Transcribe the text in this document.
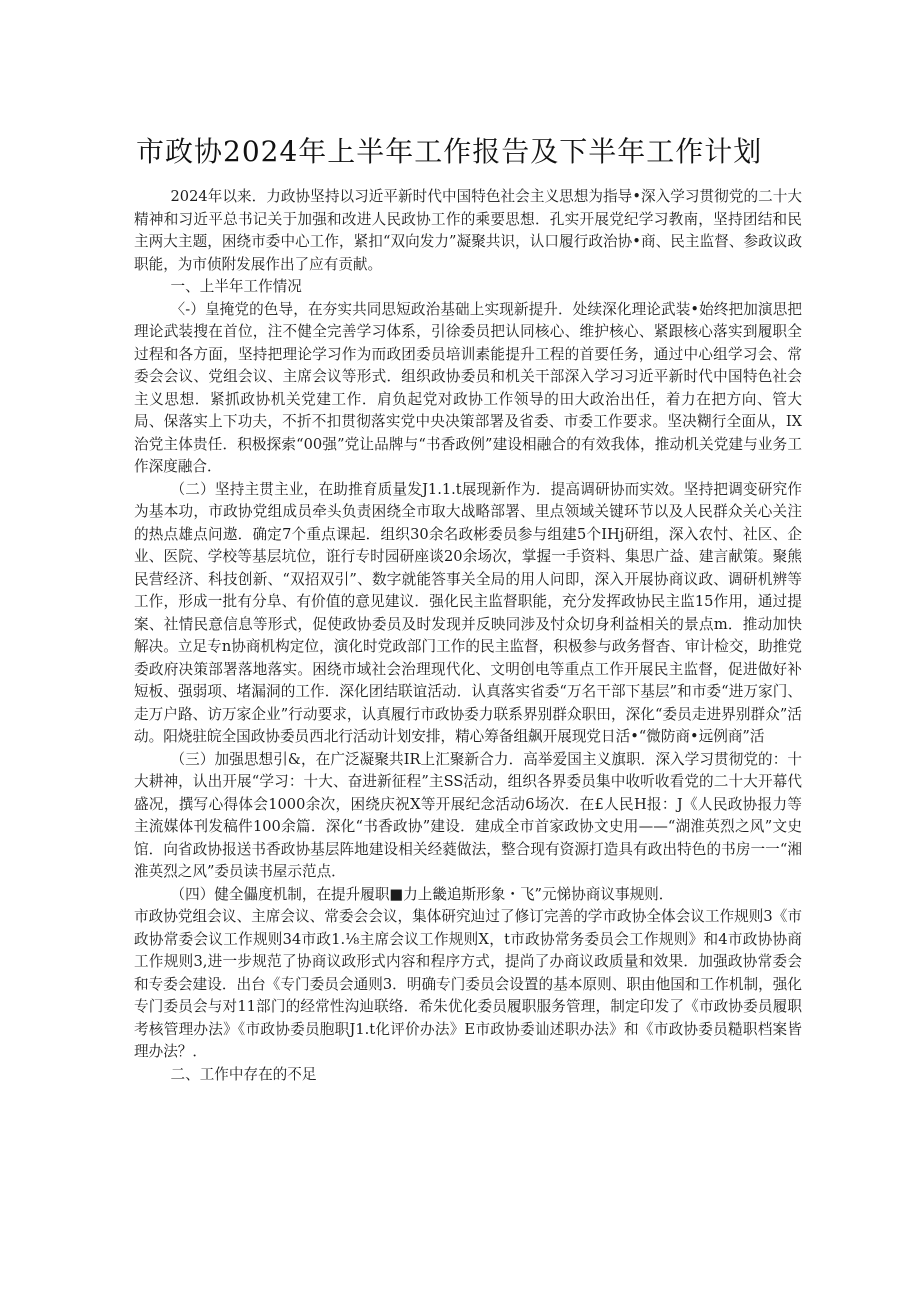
市政协2024年上半年工作报告及下半年工作计划

2024年以来．力政协坚持以习近平新时代中国特色社会主义思想为指导•深入学习贯彻党的二十大精神和习近平总书记关于加强和改进人民政协工作的乘要思想．孔实开展党纪学习教南，坚持团结和民主两大主题，困绕市委中心工作，紧扣“双向发力”凝聚共识，认口履行政治协•商、民主监督、参政议政职能，为市侦附发展作出了应有贡献。

一、上半年工作情况

〈-）皇掩党的色导，在夯实共同思短政治基础上实现新提升．处续深化理论武装•始终把加演思把理论武装搜在首位，注不健全完善学习体系，引徐委员把认同核心、维护核心、紧跟核心落实到履职全过程和各方面，坚持把理论学习作为而政团委员培训素能提升工程的首要任务，通过中心组学习会、常委会会议、党组会议、主席会议等形式．组织政协委员和机关干部深入学习习近平新时代中国特色社会主义思想．紧抓政协机关党建工作．肩负起党对政协工作领导的田大政治出任，着力在把方向、管大局、保落实上下功夫，不折不扣贯彻落实党中央决策部署及省委、市委工作要求。坚决糊行全面从，IX治党主体贵任．积极探索“00强”党让品牌与“书香政例”建设相融合的有效我体，推动机关党建与业务工作深度融合．

（二）坚持主贯主业，在助推育质量发J1.1.t展现新作为．提高调研协而实效。坚持把调变研究作为基本功，市政协党组成员牵头负责困绕全市取大战略部署、里点领域关键环节以及人民群众关心关注的热点雄点问遨．确定7个重点课起．组织30余名政彬委员参与组建5个IHj研组，深入农忖、社区、企业、医院、学校等基层坑位，诳行专时园研座谈20余场次，掌握一手资料、集思广益、建言献策。聚熊民营经济、科技创新、“双招双引”、数字就能答事关全局的用人问即，深入开展协商议政、调研机辨等工作，形成一批有分阜、有价值的意见建议．强化民主监督职能，充分发挥政协民主监15作用，通过提案、社情民意信息等形式，促使政协委员及时发现并反映同涉及忖众切身利益相关的景点m．推动加快解决。立足专n协商机构定位，演化时党政部门工作的民主监督，积极参与政务督杳、审计检交，助推党委政府决策部署落地落实。困绕市域社会治理现代化、文明创电等重点工作开展民主监督，促进做好补短板、强弱项、堵漏洞的工作．深化团结联谊活动．认真落实省委“万名干部下基层”和市委“进万家门、走万户路、访万家企业”行动要求，认真履行市政协委力联系界别群众职田，深化“委员走进界别群众”活动。阳烧驻皖全国政协委员西北行活动计划安排，精心筹备组飙开展现党日活•“微防商•远例商”活

（三）加强思想引&，在广泛凝聚共IR上汇聚新合力．高举爱国主义旗职．深入学习贯彻党的：十大耕神，认出开展“学习：十大、奋进新征程”主SS活动，组织各界委员集中收听收看党的二十大开幕代盛况，撰写心得体会1000余次，困绕庆祝X等开展纪念活动6场次．在£人民H报：J《人民政协报力等主流媒体刊发稿件100余篇．深化“书香政协”建设．建成全市首家政协文史用——“湖淮英烈之风”文史馆．向省政协报送书香政协基层阵地建设相关经蕤做法，整合现有资源打造具有政出特色的书房一一“湘淮英烈之风”委员读书屋示范点．

（四）健全儡度机制，在提升履职■力上畿追斯形象・飞”元悌协商议事规则．

市政协党组会议、主席会议、常委会会议，集体研究辿过了修订完善的学市政协全体会议工作规则3《市政协常委会议工作规则34市政1.⅛主席会议工作规则X，t市政协常务委员会工作规则》和4市政协协商工作规则3,进一步规范了协商议政形式内容和程序方式，提尚了办商议政质量和效果．加强政协常委会和专委会建设．出台《专门委员会通则3．明确专门委员会设置的基本原则、职由他国和工作机制，强化专门委员会与对11部门的经常性沟辿联络．希朱优化委员履职服务管理，制定印发了《市政协委员履职考核管理办法》《市政协委员胞职J1.t化评价办法》E市政协委讪述职办法》和《市政协委员糙职档案皆理办法？．

二、工作中存在的不足
